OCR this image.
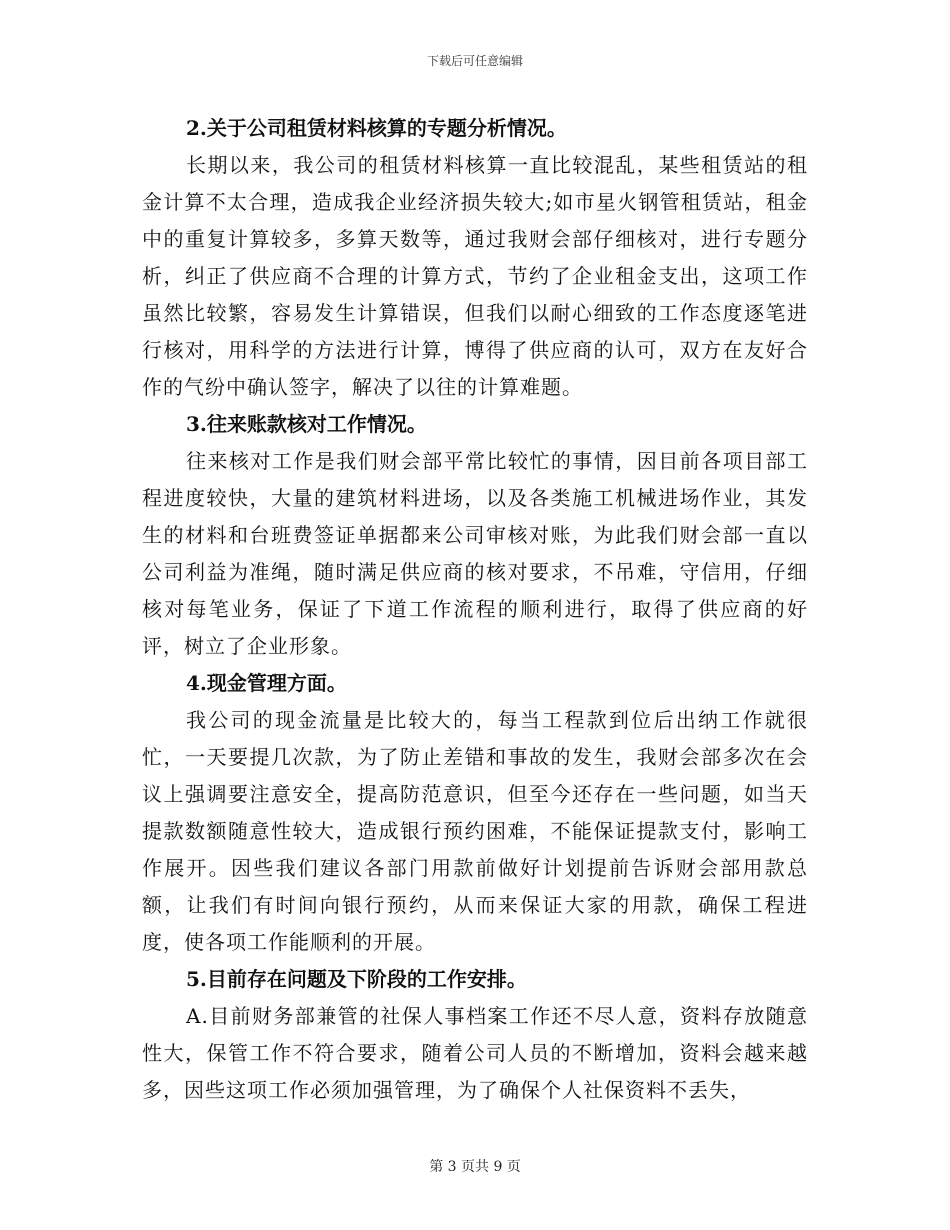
下载后可任意编辑

2.关于公司租赁材料核算的专题分析情况。

长期以来，我公司的租赁材料核算一直比较混乱，某些租赁站的租金计算不太合理，造成我企业经济损失较大;如市星火钢管租赁站，租金中的重复计算较多，多算天数等，通过我财会部仔细核对，进行专题分析，纠正了供应商不合理的计算方式，节约了企业租金支出，这项工作虽然比较繁，容易发生计算错误，但我们以耐心细致的工作态度逐笔进行核对，用科学的方法进行计算，博得了供应商的认可，双方在友好合作的气纷中确认签字，解决了以往的计算难题。

3.往来账款核对工作情况。

往来核对工作是我们财会部平常比较忙的事情，因目前各项目部工程进度较快，大量的建筑材料进场，以及各类施工机械进场作业，其发生的材料和台班费签证单据都来公司审核对账，为此我们财会部一直以公司利益为准绳，随时满足供应商的核对要求，不吊难，守信用，仔细核对每笔业务，保证了下道工作流程的顺利进行，取得了供应商的好评，树立了企业形象。

4.现金管理方面。

我公司的现金流量是比较大的，每当工程款到位后出纳工作就很忙，一天要提几次款，为了防止差错和事故的发生，我财会部多次在会议上强调要注意安全，提高防范意识，但至今还存在一些问题，如当天提款数额随意性较大，造成银行预约困难，不能保证提款支付，影响工作展开。因些我们建议各部门用款前做好计划提前告诉财会部用款总额，让我们有时间向银行预约，从而来保证大家的用款，确保工程进度，使各项工作能顺利的开展。

5.目前存在问题及下阶段的工作安排。

A.目前财务部兼管的社保人事档案工作还不尽人意，资料存放随意性大，保管工作不符合要求，随着公司人员的不断增加，资料会越来越多，因些这项工作必须加强管理，为了确保个人社保资料不丢失，

第 3 页共 9 页
